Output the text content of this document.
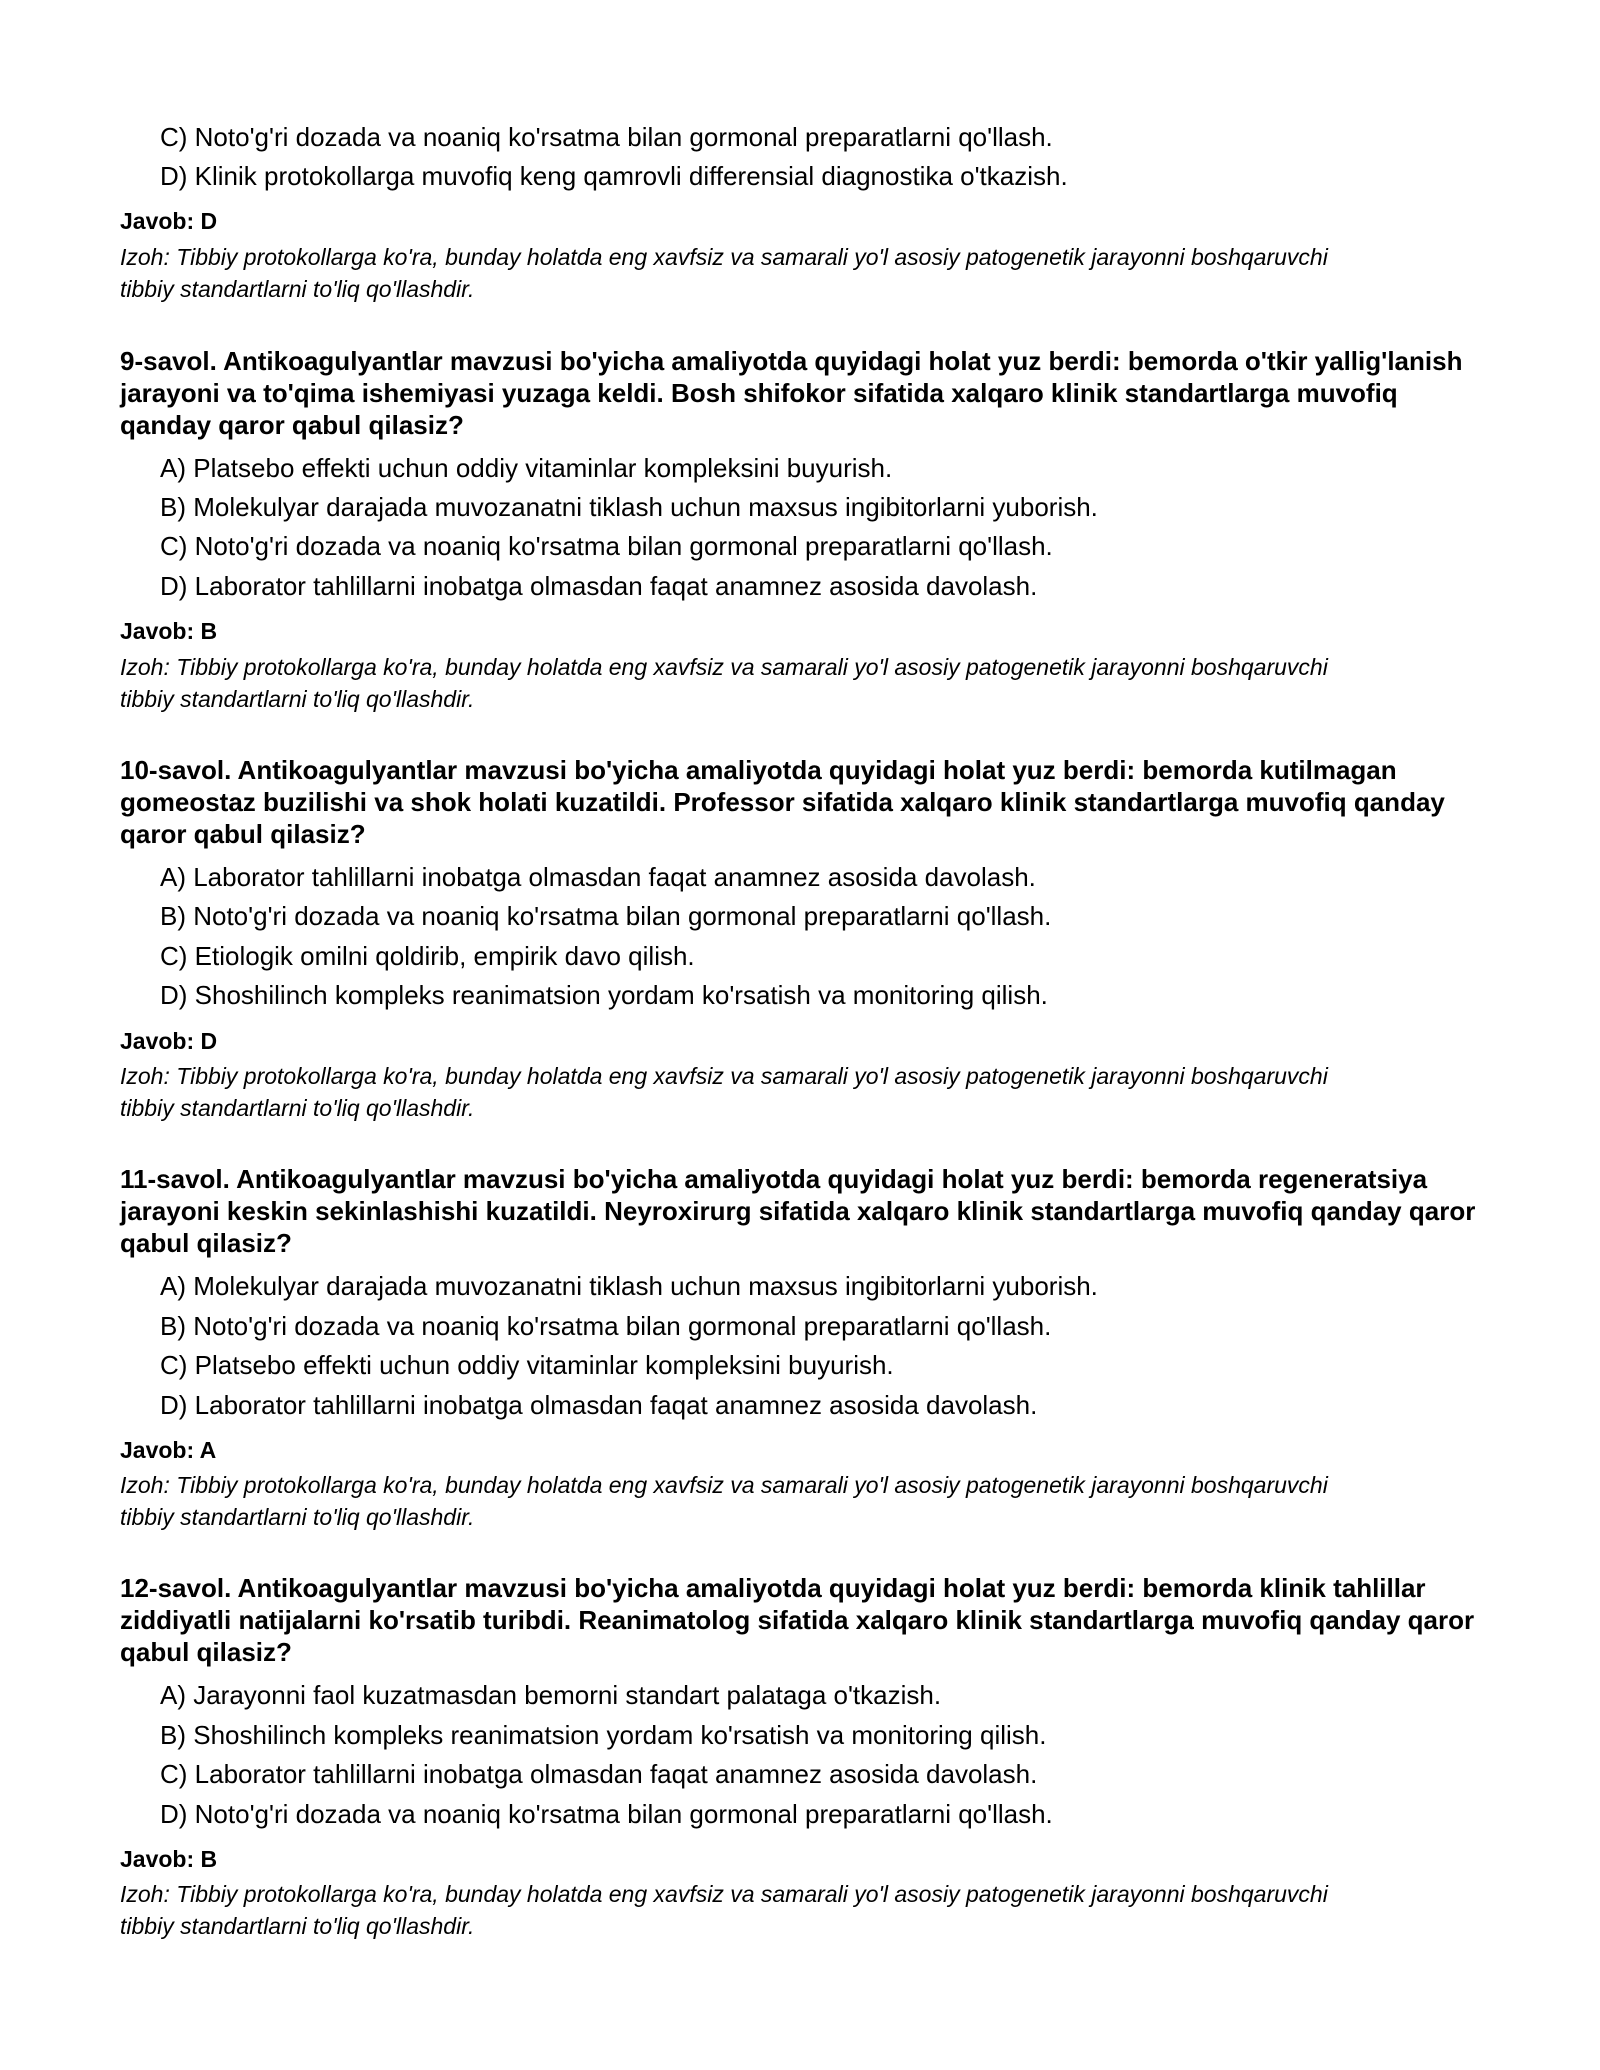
C) Noto'g'ri dozada va noaniq ko'rsatma bilan gormonal preparatlarni qo'llash.
D) Klinik protokollarga muvofiq keng qamrovli differensial diagnostika o'tkazish.
Javob: D
Izoh: Tibbiy protokollarga ko'ra, bunday holatda eng xavfsiz va samarali yo'l asosiy patogenetik jarayonni boshqaruvchi tibbiy standartlarni to'liq qo'llashdir.
9-savol. Antikoagulyantlar mavzusi bo'yicha amaliyotda quyidagi holat yuz berdi: bemorda o'tkir yallig'lanish jarayoni va to'qima ishemiyasi yuzaga keldi. Bosh shifokor sifatida xalqaro klinik standartlarga muvofiq qanday qaror qabul qilasiz?
A) Platsebo effekti uchun oddiy vitaminlar kompleksini buyurish.
B) Molekulyar darajada muvozanatni tiklash uchun maxsus ingibitorlarni yuborish.
C) Noto'g'ri dozada va noaniq ko'rsatma bilan gormonal preparatlarni qo'llash.
D) Laborator tahlillarni inobatga olmasdan faqat anamnez asosida davolash.
Javob: B
Izoh: Tibbiy protokollarga ko'ra, bunday holatda eng xavfsiz va samarali yo'l asosiy patogenetik jarayonni boshqaruvchi tibbiy standartlarni to'liq qo'llashdir.
10-savol. Antikoagulyantlar mavzusi bo'yicha amaliyotda quyidagi holat yuz berdi: bemorda kutilmagan gomeostaz buzilishi va shok holati kuzatildi. Professor sifatida xalqaro klinik standartlarga muvofiq qanday qaror qabul qilasiz?
A) Laborator tahlillarni inobatga olmasdan faqat anamnez asosida davolash.
B) Noto'g'ri dozada va noaniq ko'rsatma bilan gormonal preparatlarni qo'llash.
C) Etiologik omilni qoldirib, empirik davo qilish.
D) Shoshilinch kompleks reanimatsion yordam ko'rsatish va monitoring qilish.
Javob: D
Izoh: Tibbiy protokollarga ko'ra, bunday holatda eng xavfsiz va samarali yo'l asosiy patogenetik jarayonni boshqaruvchi tibbiy standartlarni to'liq qo'llashdir.
11-savol. Antikoagulyantlar mavzusi bo'yicha amaliyotda quyidagi holat yuz berdi: bemorda regeneratsiya jarayoni keskin sekinlashishi kuzatildi. Neyroxirurg sifatida xalqaro klinik standartlarga muvofiq qanday qaror qabul qilasiz?
A) Molekulyar darajada muvozanatni tiklash uchun maxsus ingibitorlarni yuborish.
B) Noto'g'ri dozada va noaniq ko'rsatma bilan gormonal preparatlarni qo'llash.
C) Platsebo effekti uchun oddiy vitaminlar kompleksini buyurish.
D) Laborator tahlillarni inobatga olmasdan faqat anamnez asosida davolash.
Javob: A
Izoh: Tibbiy protokollarga ko'ra, bunday holatda eng xavfsiz va samarali yo'l asosiy patogenetik jarayonni boshqaruvchi tibbiy standartlarni to'liq qo'llashdir.
12-savol. Antikoagulyantlar mavzusi bo'yicha amaliyotda quyidagi holat yuz berdi: bemorda klinik tahlillar ziddiyatli natijalarni ko'rsatib turibdi. Reanimatolog sifatida xalqaro klinik standartlarga muvofiq qanday qaror qabul qilasiz?
A) Jarayonni faol kuzatmasdan bemorni standart palataga o'tkazish.
B) Shoshilinch kompleks reanimatsion yordam ko'rsatish va monitoring qilish.
C) Laborator tahlillarni inobatga olmasdan faqat anamnez asosida davolash.
D) Noto'g'ri dozada va noaniq ko'rsatma bilan gormonal preparatlarni qo'llash.
Javob: B
Izoh: Tibbiy protokollarga ko'ra, bunday holatda eng xavfsiz va samarali yo'l asosiy patogenetik jarayonni boshqaruvchi tibbiy standartlarni to'liq qo'llashdir.
